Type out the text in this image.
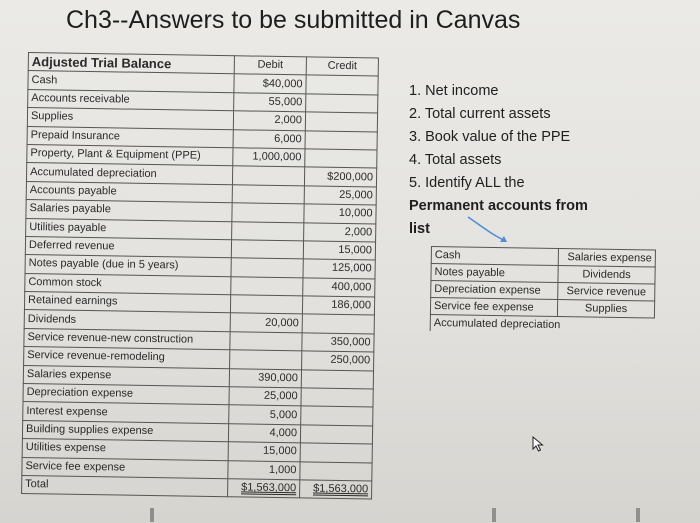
Ch3--Answers to be submitted in Canvas
Adjusted Trial Balance	Debit	Credit
Cash	$40,000	
Accounts receivable	55,000	
Supplies	2,000	
Prepaid Insurance	6,000	
Property, Plant & Equipment (PPE)	1,000,000	
Accumulated depreciation		$200,000
Accounts payable		25,000
Salaries payable		10,000
Utilities payable		2,000
Deferred revenue		15,000
Notes payable (due in 5 years)		125,000
Common stock		400,000
Retained earnings		186,000
Dividends	20,000	
Service revenue-new construction		350,000
Service revenue-remodeling		250,000
Salaries expense	390,000	
Depreciation expense	25,000	
Interest expense	5,000	
Building supplies expense	4,000	
Utilities expense	15,000	
Service fee expense	1,000	
Total	$1,563,000	$1,563,000
1. Net income
2. Total current assets
3. Book value of the PPE
4. Total assets
5. Identify ALL the
Permanent accounts from
list
Cash	Salaries expense
Notes payable	Dividends
Depreciation expense	Service revenue
Service fee expense	Supplies
Accumulated depreciation	
